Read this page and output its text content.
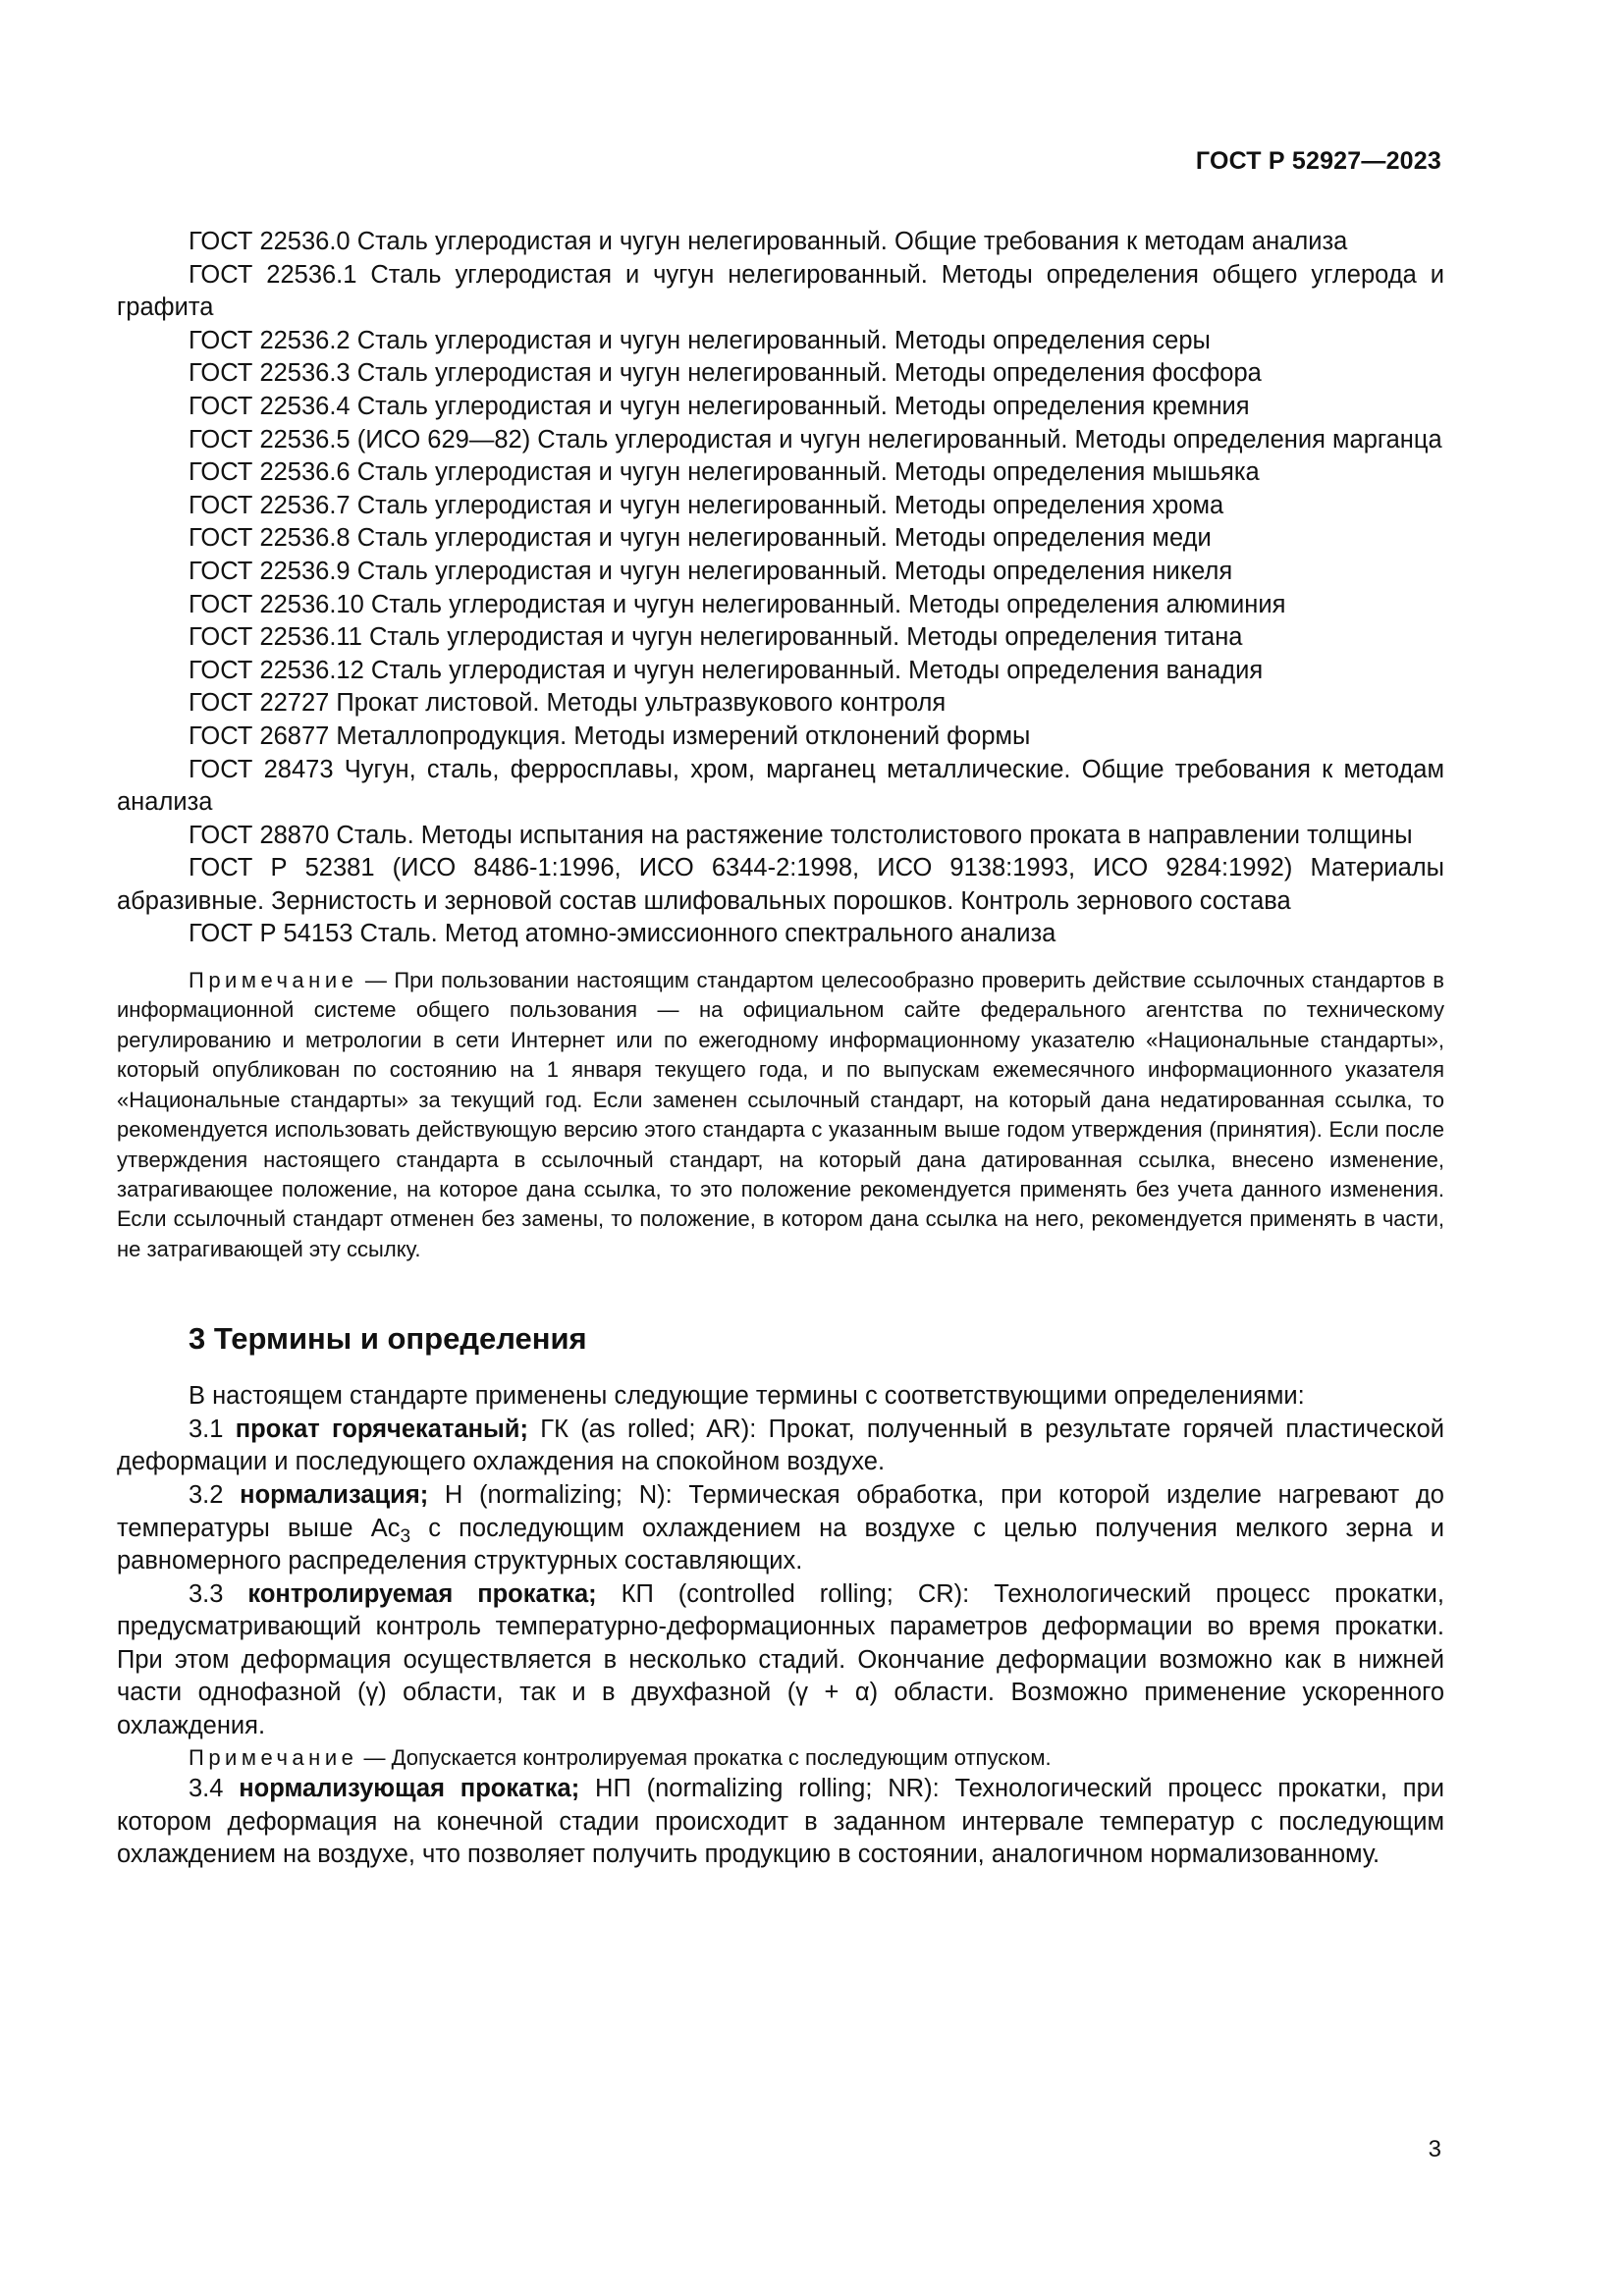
ГОСТ Р 52927—2023

ГОСТ 22536.0 Сталь углеродистая и чугун нелегированный. Общие требования к методам анализа

ГОСТ 22536.1 Сталь углеродистая и чугун нелегированный. Методы определения общего углерода и графита

ГОСТ 22536.2 Сталь углеродистая и чугун нелегированный. Методы определения серы

ГОСТ 22536.3 Сталь углеродистая и чугун нелегированный. Методы определения фосфора

ГОСТ 22536.4 Сталь углеродистая и чугун нелегированный. Методы определения кремния

ГОСТ 22536.5 (ИСО 629—82) Сталь углеродистая и чугун нелегированный. Методы определения марганца

ГОСТ 22536.6 Сталь углеродистая и чугун нелегированный. Методы определения мышьяка

ГОСТ 22536.7 Сталь углеродистая и чугун нелегированный. Методы определения хрома

ГОСТ 22536.8 Сталь углеродистая и чугун нелегированный. Методы определения меди

ГОСТ 22536.9 Сталь углеродистая и чугун нелегированный. Методы определения никеля

ГОСТ 22536.10 Сталь углеродистая и чугун нелегированный. Методы определения алюминия

ГОСТ 22536.11 Сталь углеродистая и чугун нелегированный. Методы определения титана

ГОСТ 22536.12 Сталь углеродистая и чугун нелегированный. Методы определения ванадия

ГОСТ 22727 Прокат листовой. Методы ультразвукового контроля

ГОСТ 26877 Металлопродукция. Методы измерений отклонений формы

ГОСТ 28473 Чугун, сталь, ферросплавы, хром, марганец металлические. Общие требования к методам анализа

ГОСТ 28870 Сталь. Методы испытания на растяжение толстолистового проката в направлении толщины

ГОСТ Р 52381 (ИСО 8486-1:1996, ИСО 6344-2:1998, ИСО 9138:1993, ИСО 9284:1992) Материалы абразивные. Зернистость и зерновой состав шлифовальных порошков. Контроль зернового состава

ГОСТ Р 54153 Сталь. Метод атомно-эмиссионного спектрального анализа

Примечание — При пользовании настоящим стандартом целесообразно проверить действие ссылочных стандартов в информационной системе общего пользования — на официальном сайте федерального агентства по техническому регулированию и метрологии в сети Интернет или по ежегодному информационному указателю «Национальные стандарты», который опубликован по состоянию на 1 января текущего года, и по выпускам ежемесячного информационного указателя «Национальные стандарты» за текущий год. Если заменен ссылочный стандарт, на который дана недатированная ссылка, то рекомендуется использовать действующую версию этого стандарта с указанным выше годом утверждения (принятия). Если после утверждения настоящего стандарта в ссылочный стандарт, на который дана датированная ссылка, внесено изменение, затрагивающее положение, на которое дана ссылка, то это положение рекомендуется применять без учета данного изменения. Если ссылочный стандарт отменен без замены, то положение, в котором дана ссылка на него, рекомендуется применять в части, не затрагивающей эту ссылку.

3 Термины и определения

В настоящем стандарте применены следующие термины с соответствующими определениями:

3.1 прокат горячекатаный; ГК (as rolled; AR): Прокат, полученный в результате горячей пластической деформации и последующего охлаждения на спокойном воздухе.

3.2 нормализация; Н (normalizing; N): Термическая обработка, при которой изделие нагревают до температуры выше $Ac_3$ с последующим охлаждением на воздухе с целью получения мелкого зерна и равномерного распределения структурных составляющих.

3.3 контролируемая прокатка; КП (controlled rolling; CR): Технологический процесс прокатки, предусматривающий контроль температурно-деформационных параметров деформации во время прокатки. При этом деформация осуществляется в несколько стадий. Окончание деформации возможно как в нижней части однофазной (γ) области, так и в двухфазной (γ + α) области. Возможно применение ускоренного охлаждения.

Примечание — Допускается контролируемая прокатка с последующим отпуском.

3.4 нормализующая прокатка; НП (normalizing rolling; NR): Технологический процесс прокатки, при котором деформация на конечной стадии происходит в заданном интервале температур с последующим охлаждением на воздухе, что позволяет получить продукцию в состоянии, аналогичном нормализованному.

3
